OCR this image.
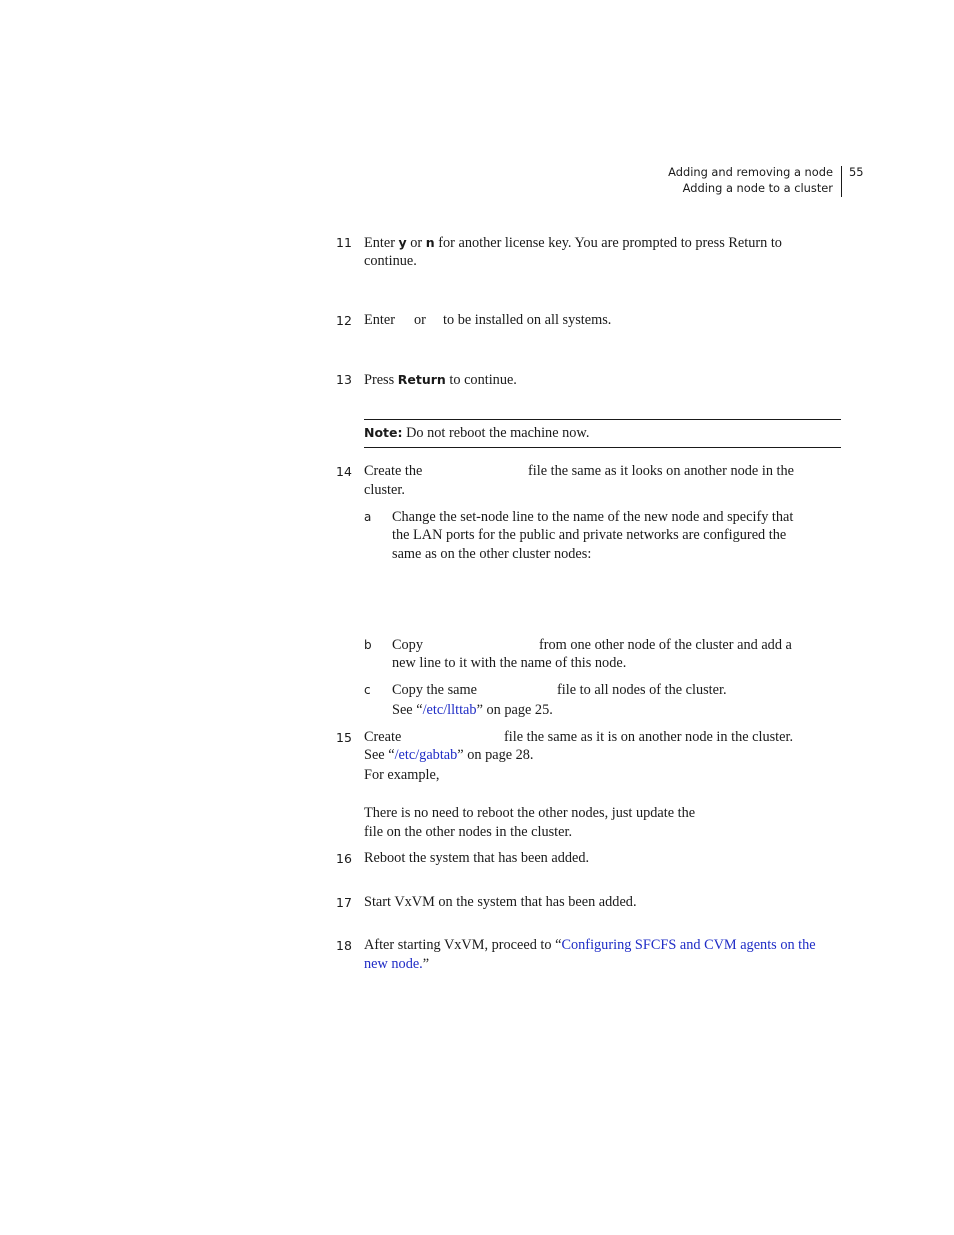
Adding and removing a node
Adding a node to a cluster
55
11 Enter y or n for another license key. You are prompted to press Return to
continue.
12 Enter or to be installed on all systems.
13 Press Return to continue.
Note: Do not reboot the machine now.
14 Create the	file the same as it looks on another node in the
cluster.
a	Change the set-node line to the name of the new node and specify that
the LAN ports for the public and private networks are configured the
same as on the other cluster nodes:
b	Copy	from one other node of the cluster and add a
new line to it with the name of this node.
c	Copy the same	file to all nodes of the cluster.
See “/etc/llttab” on page 25.
15 Create	file the same as it is on another node in the cluster.
See “/etc/gabtab” on page 28.
For example,
There is no need to reboot the other nodes, just update the
file on the other nodes in the cluster.
16 Reboot the system that has been added.
17 Start VxVM on the system that has been added.
18 After starting VxVM, proceed to “Configuring SFCFS and CVM agents on the
new node.”
